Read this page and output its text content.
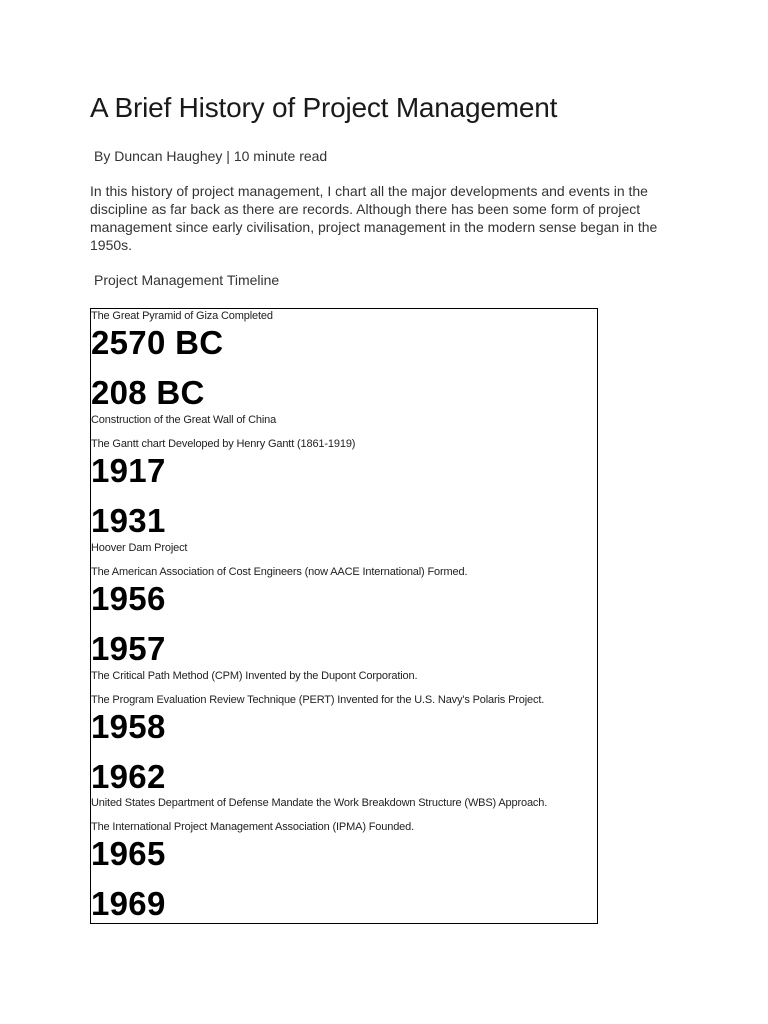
A Brief History of Project Management

By Duncan Haughey | 10 minute read

In this history of project management, I chart all the major developments and events in the discipline as far back as there are records. Although there has been some form of project management since early civilisation, project management in the modern sense began in the 1950s.

Project Management Timeline

The Great Pyramid of Giza Completed
2570 BC
208 BC
Construction of the Great Wall of China
The Gantt chart Developed by Henry Gantt (1861-1919)
1917
1931
Hoover Dam Project
The American Association of Cost Engineers (now AACE International) Formed.
1956
1957
The Critical Path Method (CPM) Invented by the Dupont Corporation.
The Program Evaluation Review Technique (PERT) Invented for the U.S. Navy's Polaris Project.
1958
1962
United States Department of Defense Mandate the Work Breakdown Structure (WBS) Approach.
The International Project Management Association (IPMA) Founded.
1965
1969
